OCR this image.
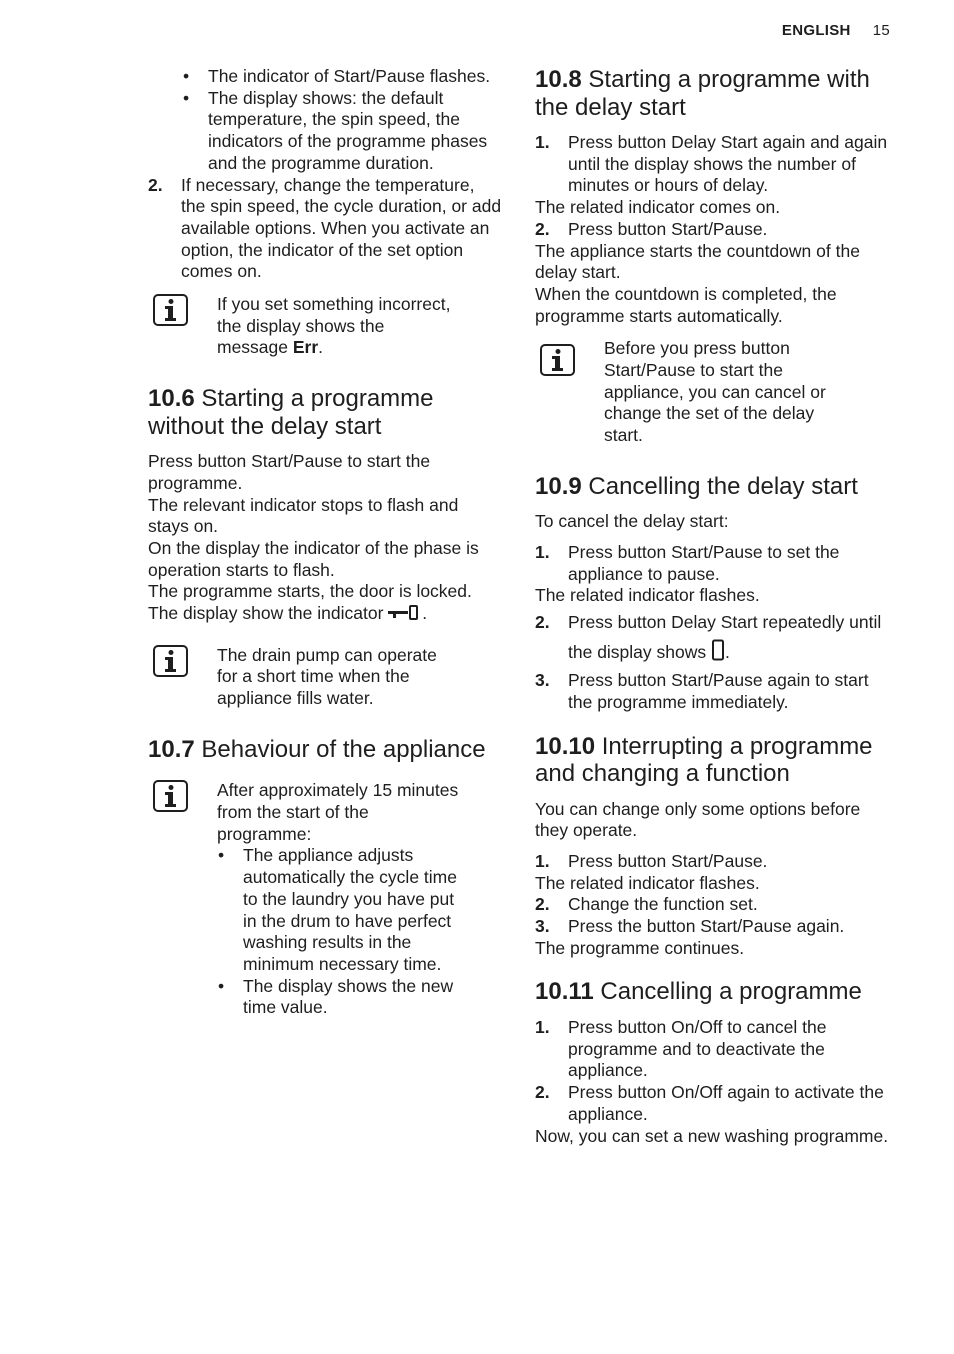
ENGLISH 15
• The indicator of Start/Pause flashes.
• The display shows: the default temperature, the spin speed, the indicators of the programme phases and the programme duration.
2. If necessary, change the temperature, the spin speed, the cycle duration, or add available options. When you activate an option, the indicator of the set option comes on.
If you set something incorrect, the display shows the message Err.
10.6 Starting a programme without the delay start

Press button Start/Pause to start the programme.

The relevant indicator stops to flash and stays on.

On the display the indicator of the phase is operation starts to flash.

The programme starts, the door is locked. The display show the indicator .

The drain pump can operate for a short time when the appliance fills water.
10.7 Behaviour of the appliance
After approximately 15 minutes from the start of the programme:
• The appliance adjusts automatically the cycle time to the laundry you have put in the drum to have perfect washing results in the minimum necessary time.
• The display shows the new time value.
10.8 Starting a programme with the delay start
1. Press button Delay Start again and again until the display shows the number of minutes or hours of delay.

The related indicator comes on.

2. Press button Start/Pause.

The appliance starts the countdown of the delay start.

When the countdown is completed, the programme starts automatically.

Before you press button Start/Pause to start the appliance, you can cancel or change the set of the delay start.
10.9 Cancelling the delay start

To cancel the delay start:

1. Press button Start/Pause to set the appliance to pause.

The related indicator flashes.

2. Press button Delay Start repeatedly until the display shows .
3. Press button Start/Pause again to start the programme immediately.
10.10 Interrupting a programme and changing a function

You can change only some options before they operate.

1. Press button Start/Pause.

The related indicator flashes.

2. Change the function set.
3. Press the button Start/Pause again.

The programme continues.

10.11 Cancelling a programme
1. Press button On/Off to cancel the programme and to deactivate the appliance.
2. Press button On/Off again to activate the appliance.

Now, you can set a new washing programme.
